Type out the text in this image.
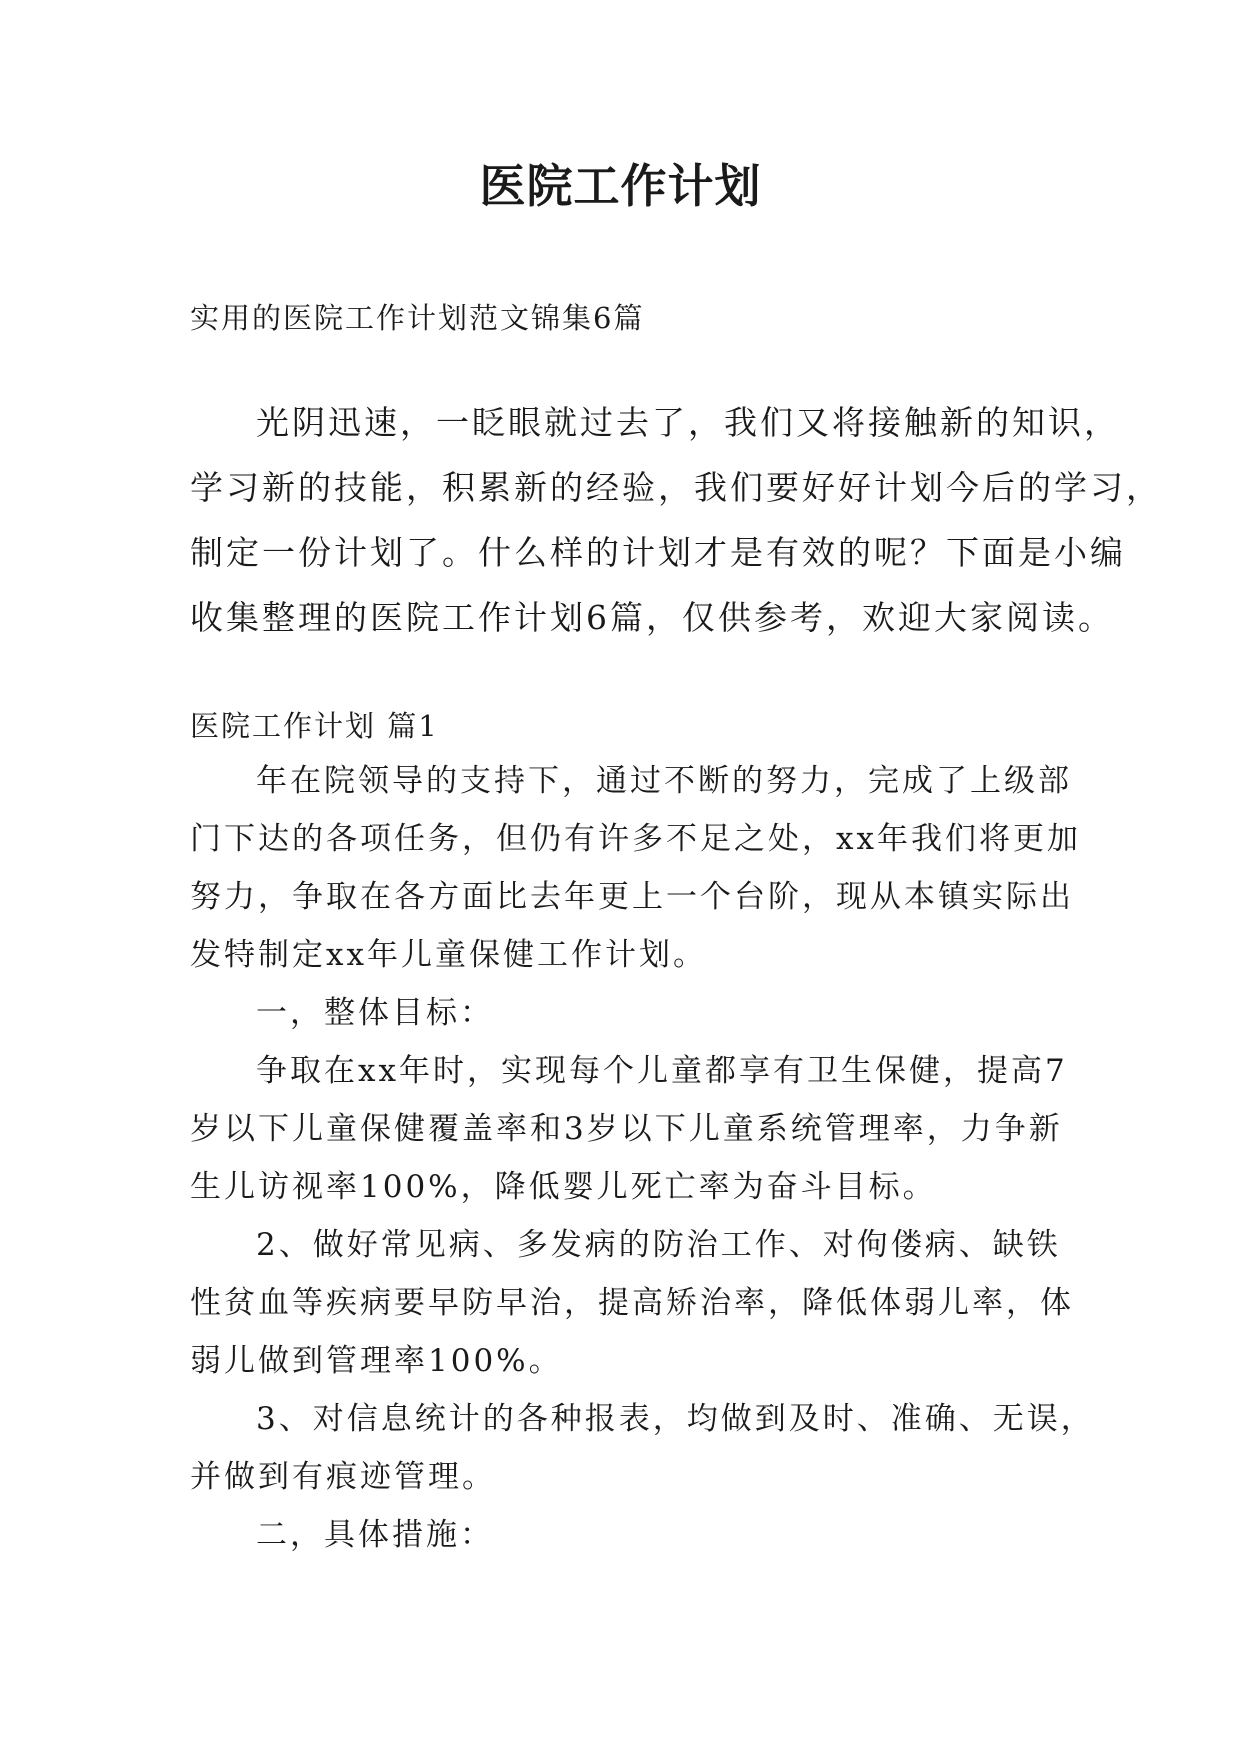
医院工作计划
实用的医院工作计划范文锦集6篇
光阴迅速，一眨眼就过去了，我们又将接触新的知识，
学习新的技能，积累新的经验，我们要好好计划今后的学习，
制定一份计划了。什么样的计划才是有效的呢？下面是小编
收集整理的医院工作计划6篇，仅供参考，欢迎大家阅读。
医院工作计划 篇1
年在院领导的支持下，通过不断的努力，完成了上级部
门下达的各项任务，但仍有许多不足之处，xx年我们将更加
努力，争取在各方面比去年更上一个台阶，现从本镇实际出
发特制定xx年儿童保健工作计划。
一，整体目标：
争取在xx年时，实现每个儿童都享有卫生保健，提高7
岁以下儿童保健覆盖率和3岁以下儿童系统管理率，力争新
生儿访视率100%，降低婴儿死亡率为奋斗目标。
2、做好常见病、多发病的防治工作、对佝偻病、缺铁
性贫血等疾病要早防早治，提高矫治率，降低体弱儿率，体
弱儿做到管理率100%。
3、对信息统计的各种报表，均做到及时、准确、无误，
并做到有痕迹管理。
二，具体措施：
